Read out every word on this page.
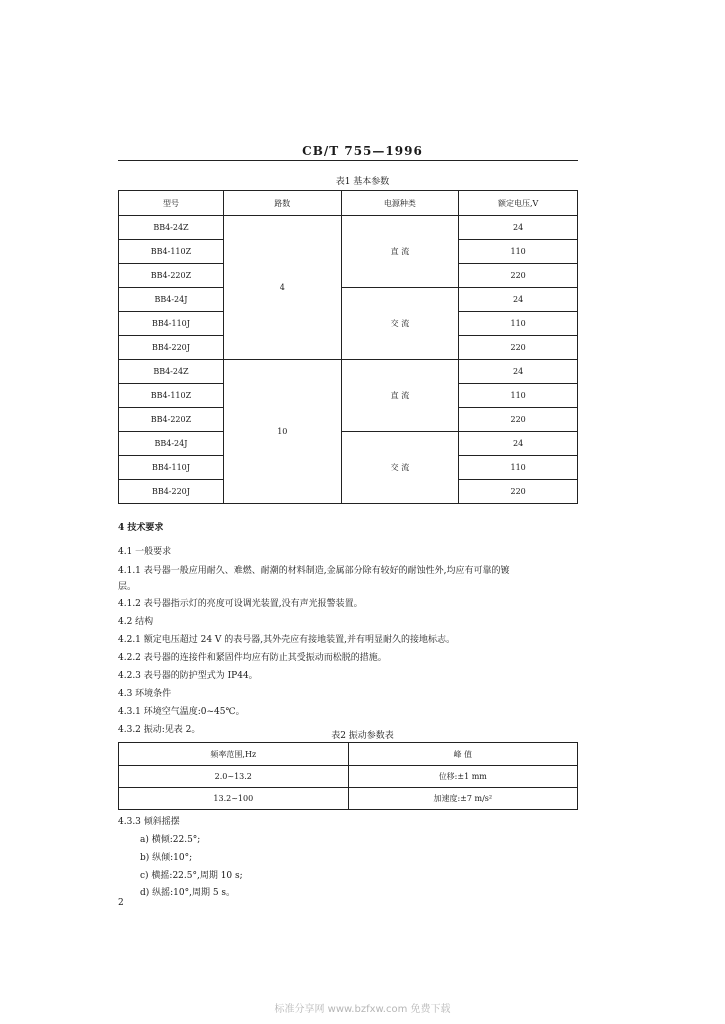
CB/T 755—1996
表1 基本参数
型号	路数	电源种类	额定电压,V
BB4-24Z	4	直 流	24
BB4-110Z			110
BB4-220Z			220
BB4-24J		交 流	24
BB4-110J			110
BB4-220J			220
BB4-24Z	10	直 流	24
BB4-110Z			110
BB4-220Z			220
BB4-24J		交 流	24
BB4-110J			110
BB4-220J			220
4 技术要求
4.1 一般要求
4.1.1 表号器一般应用耐久、难燃、耐潮的材料制造,金属部分除有较好的耐蚀性外,均应有可靠的镀
层。
4.1.2 表号器指示灯的亮度可设调光装置,没有声光报警装置。
4.2 结构
4.2.1 额定电压超过 24 V 的表号器,其外壳应有接地装置,并有明显耐久的接地标志。
4.2.2 表号器的连接件和紧固件均应有防止其受振动而松脱的措施。
4.2.3 表号器的防护型式为 IP44。
4.3 环境条件
4.3.1 环境空气温度:0~45℃。
4.3.2 振动:见表 2。
表2 振动参数表
频率范围,Hz	峰 值
2.0~13.2	位移:±1 mm
13.2~100	加速度:±7 m/s²
4.3.3 倾斜摇摆
a) 横倾:22.5°;
b) 纵倾:10°;
c) 横摇:22.5°,周期 10 s;
d) 纵摇:10°,周期 5 s。
2
标准分享网 www.bzfxw.com 免费下载
